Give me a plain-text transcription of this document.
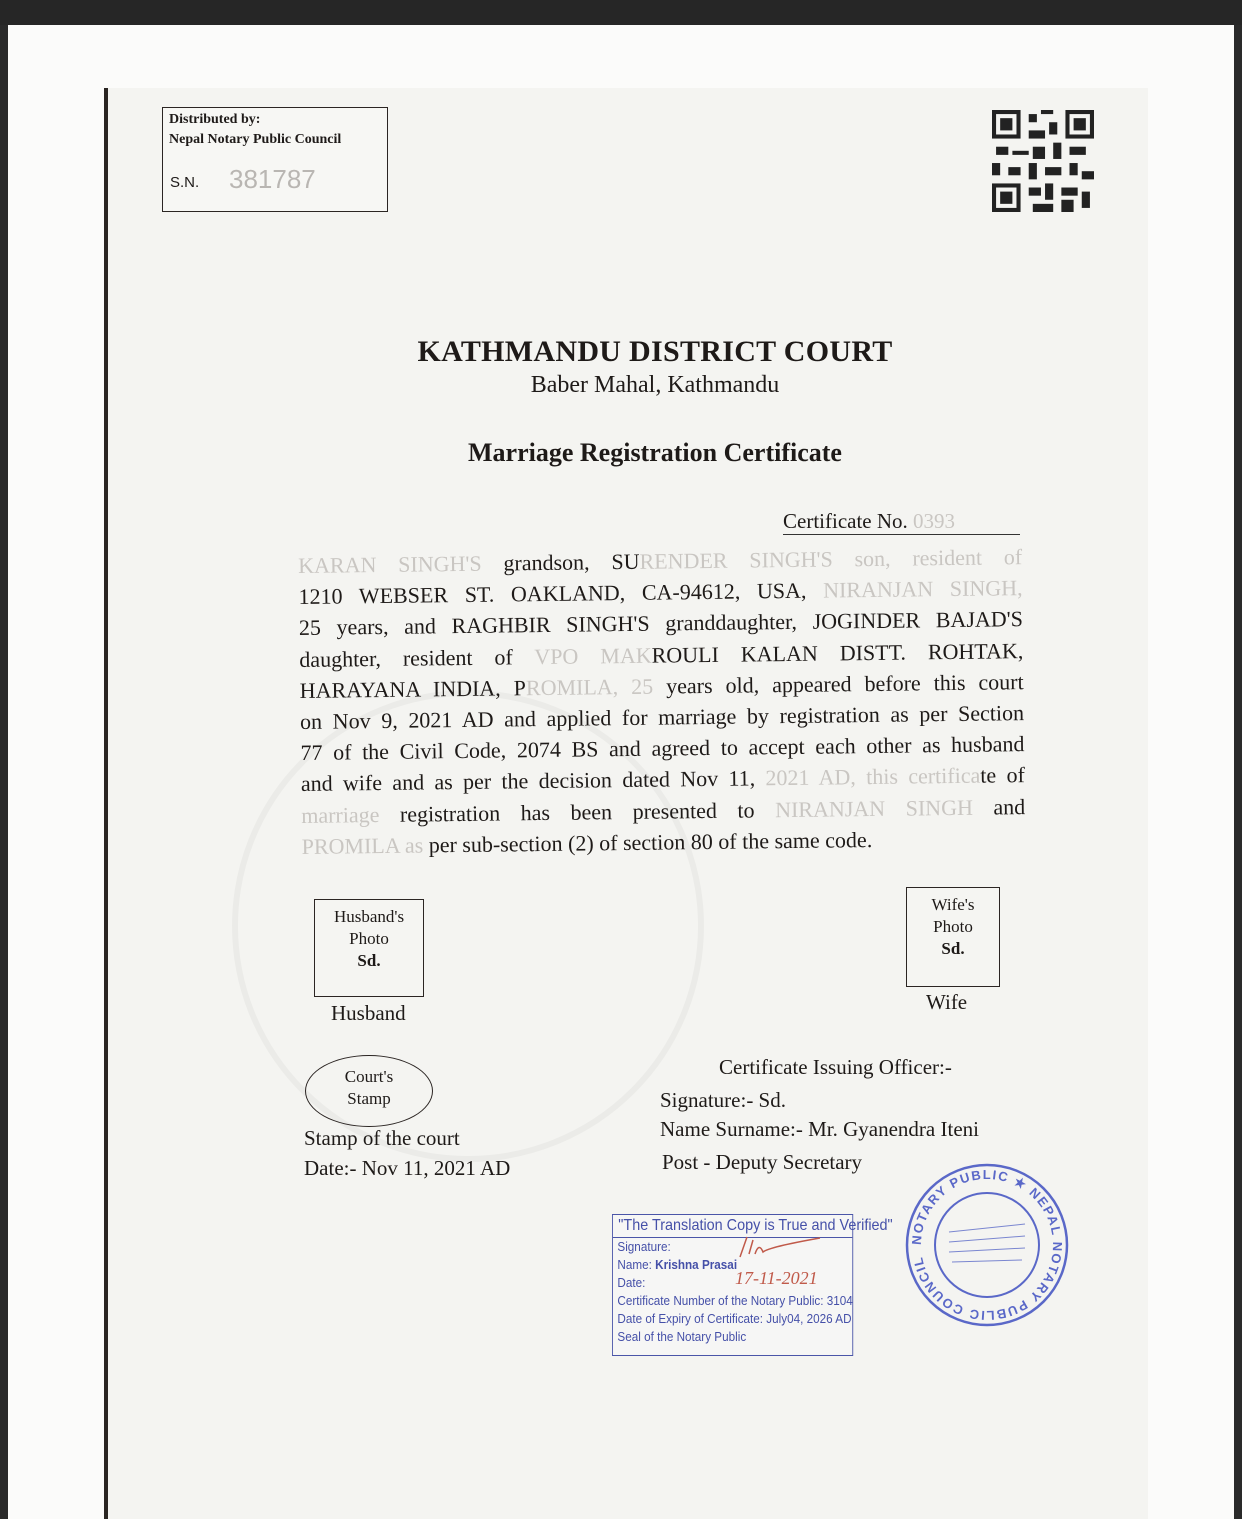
Distributed by:
Nepal Notary Public Council
S.N. 381787
KATHMANDU DISTRICT COURT
Baber Mahal, Kathmandu
Marriage Registration Certificate
Certificate No. 0393
KARAN SINGH'S grandson, SURENDER SINGH'S son, resident of
1210 WEBSER ST. OAKLAND, CA-94612, USA, NIRANJAN SINGH,
25 years, and RAGHBIR SINGH'S granddaughter, JOGINDER BAJAD'S
daughter, resident of VPO MAKROULI KALAN DISTT. ROHTAK,
HARAYANA INDIA, PROMILA, 25 years old, appeared before this court
on Nov 9, 2021 AD and applied for marriage by registration as per Section
77 of the Civil Code, 2074 BS and agreed to accept each other as husband
and wife and as per the decision dated Nov 11, 2021 AD, this certificate of
marriage registration has been presented to NIRANJAN SINGH and
PROMILA as per sub-section (2) of section 80 of the same code.
Husband's
Photo
Sd.
Husband
Wife's
Photo
Sd.
Wife
Court's
Stamp
Stamp of the court
Date:- Nov 11, 2021 AD
Certificate Issuing Officer:-
Signature:- Sd.
Name Surname:- Mr. Gyanendra Iteni
Post - Deputy Secretary
"The Translation Copy is True and Verified"
Signature:
Name: Krishna Prasai
Date:
Certificate Number of the Notary Public: 3104
Date of Expiry of Certificate: July04, 2026 AD
Seal of the Notary Public
17-11-2021
NOTARY PUBLIC ★ NEPAL NOTARY PUBLIC COUNCIL
